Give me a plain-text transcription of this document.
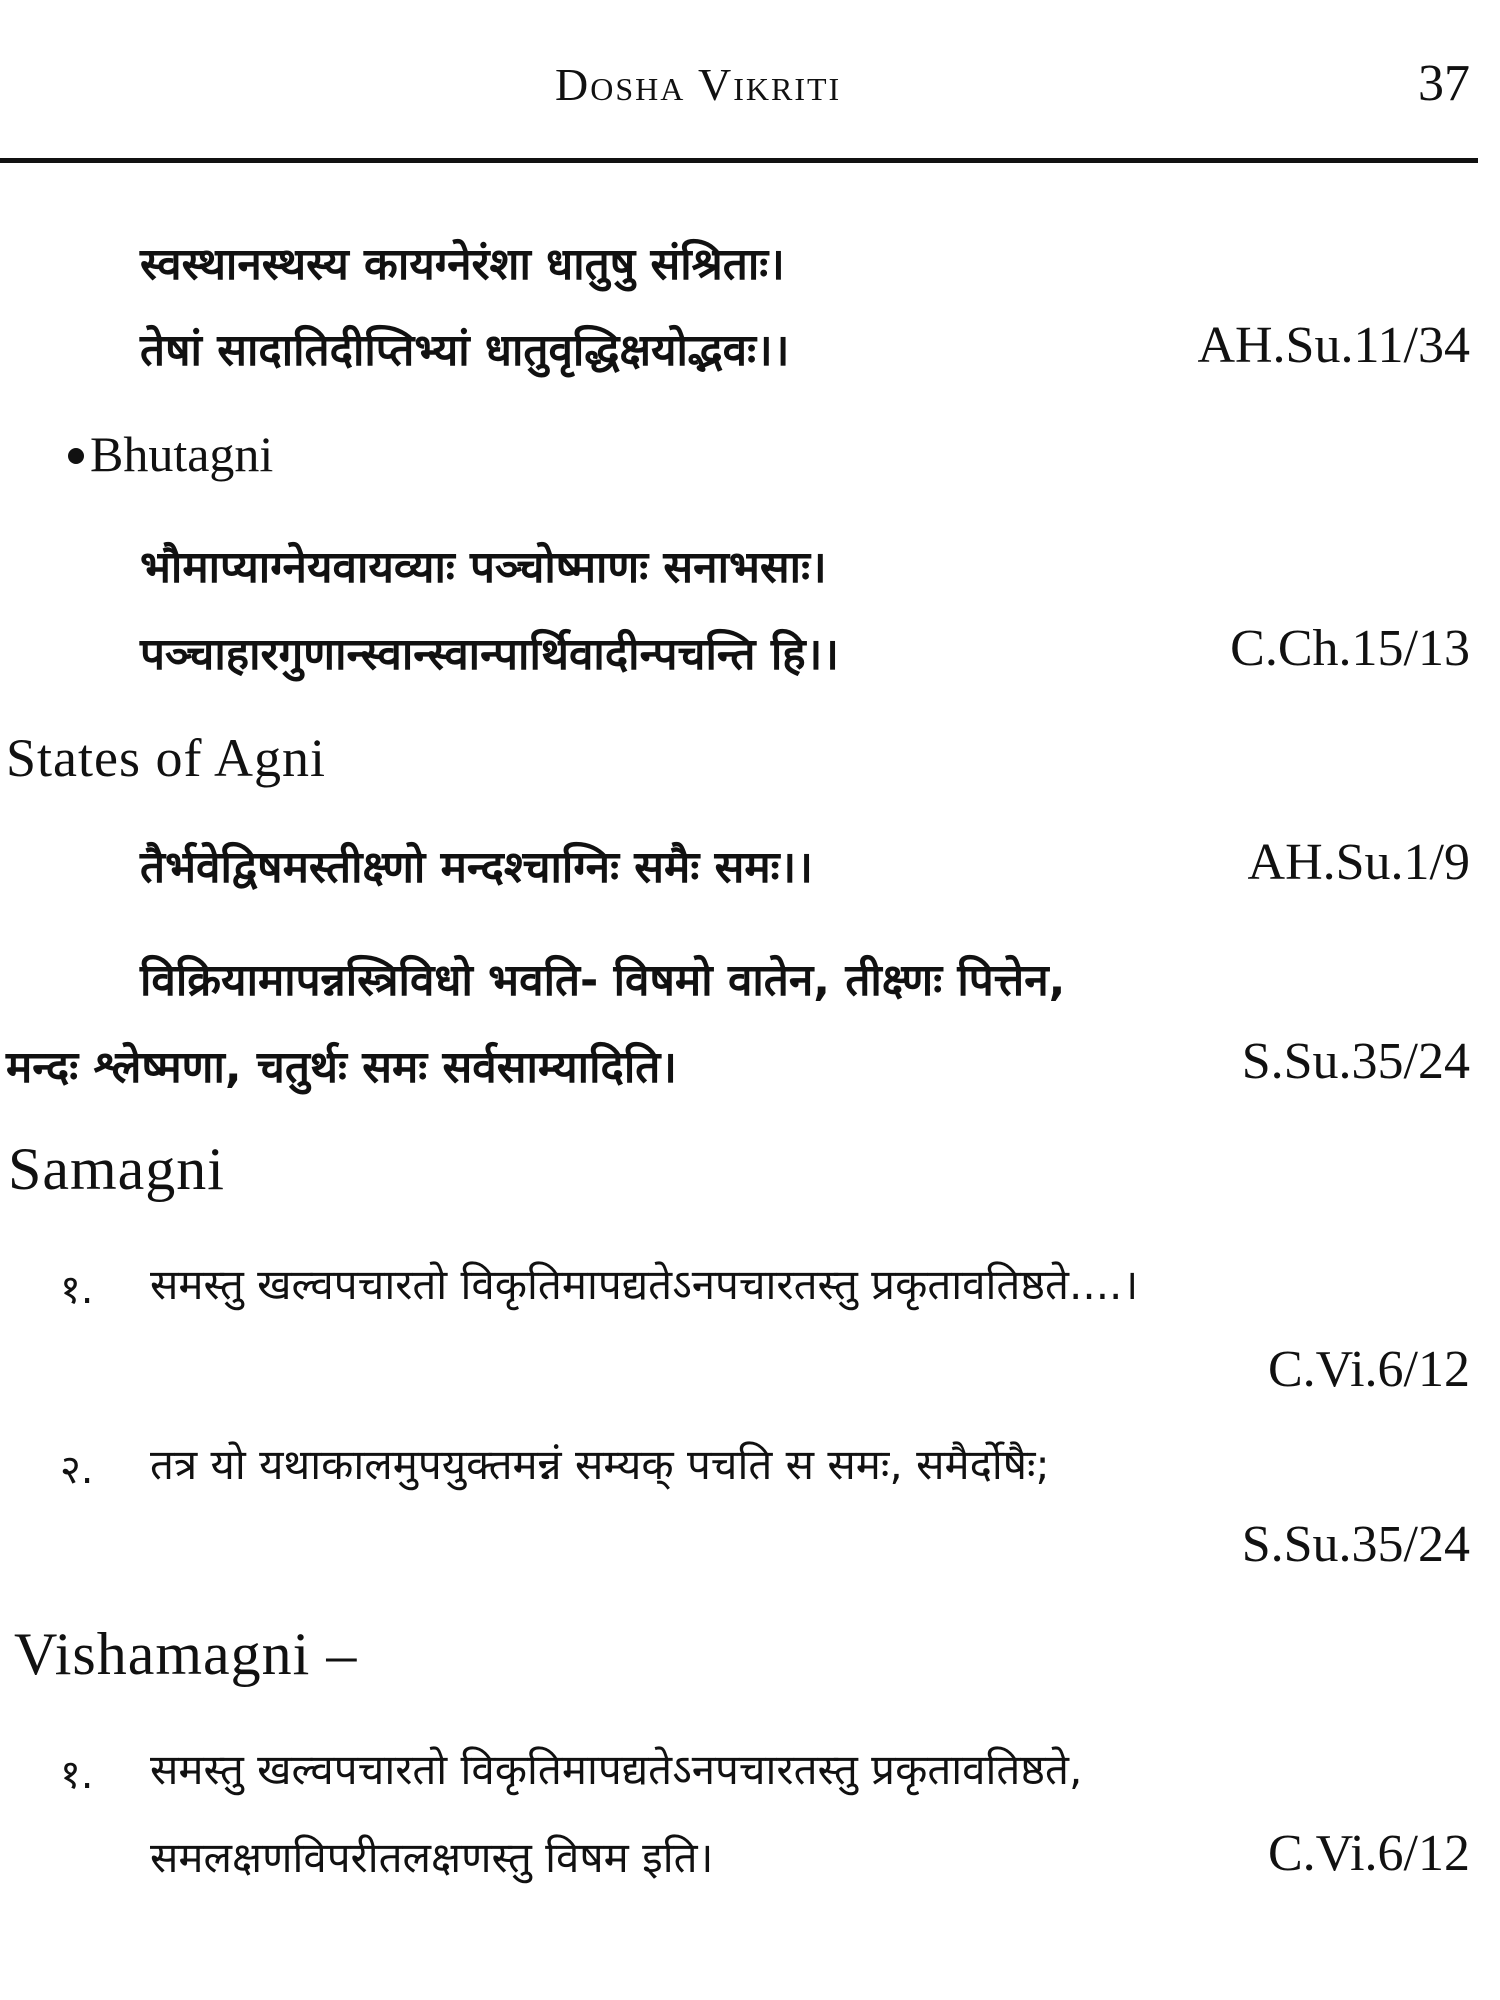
Dosha Vikriti	37
स्वस्थानस्थस्य कायग्नेरंशा धातुषु संश्रिताः।
तेषां सादातिदीप्तिभ्यां धातुवृद्धिक्षयोद्भवः।।	AH.Su.11/34
Bhutagni
भौमाप्याग्नेयवायव्याः पञ्चोष्माणः सनाभसाः।
पञ्चाहारगुणान्स्वान्स्वान्पार्थिवादीन्पचन्ति हि।।	C.Ch.15/13
States of Agni
तैर्भवेद्विषमस्तीक्ष्णो मन्दश्चाग्निः समैः समः।।	AH.Su.1/9
विक्रियामापन्नस्त्रिविधो भवति- विषमो वातेन, तीक्ष्णः पित्तेन,
मन्दः श्लेष्मणा, चतुर्थः समः सर्वसाम्यादिति।	S.Su.35/24
Samagni
१. समस्तु खल्वपचारतो विकृतिमापद्यतेऽनपचारतस्तु प्रकृतावतिष्ठते....।
C.Vi.6/12
२. तत्र यो यथाकालमुपयुक्तमन्नं सम्यक् पचति स समः, समैर्दोषैः;
S.Su.35/24
Vishamagni –
१. समस्तु खल्वपचारतो विकृतिमापद्यतेऽनपचारतस्तु प्रकृतावतिष्ठते,
समलक्षणविपरीतलक्षणस्तु विषम इति।	C.Vi.6/12
